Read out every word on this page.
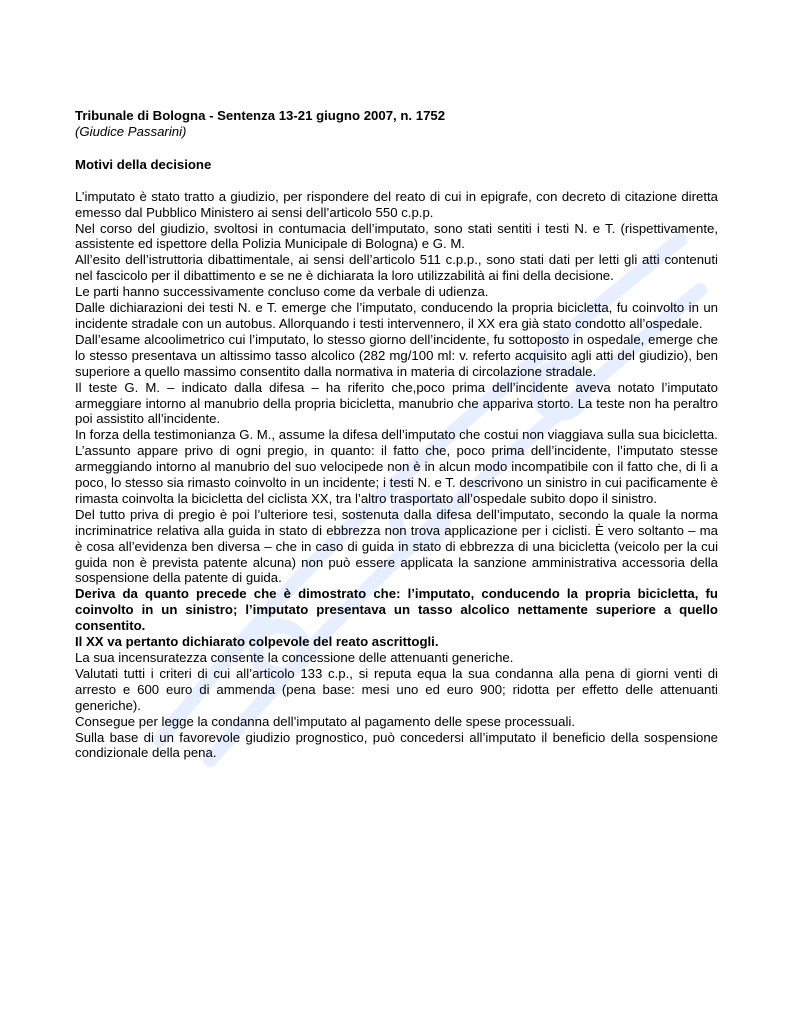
Tribunale di Bologna - Sentenza 13-21 giugno 2007, n. 1752

(Giudice Passarini)

Motivi della decisione

L’imputato è stato tratto a giudizio, per rispondere del reato di cui in epigrafe, con decreto di citazione diretta emesso dal Pubblico Ministero ai sensi dell’articolo 550 c.p.p.

Nel corso del giudizio, svoltosi in contumacia dell’imputato, sono stati sentiti i testi N. e T. (rispettivamente, assistente ed ispettore della Polizia Municipale di Bologna) e G. M.

All’esito dell’istruttoria dibattimentale, ai sensi dell’articolo 511 c.p.p., sono stati dati per letti gli atti contenuti nel fascicolo per il dibattimento e se ne è dichiarata la loro utilizzabilità ai fini della decisione.

Le parti hanno successivamente concluso come da verbale di udienza.

Dalle dichiarazioni dei testi N. e T. emerge che l’imputato, conducendo la propria bicicletta, fu coinvolto in un incidente stradale con un autobus. Allorquando i testi intervennero, il XX era già stato condotto all’ospedale.

Dall’esame alcoolimetrico cui l’imputato, lo stesso giorno dell’incidente, fu sottoposto in ospedale, emerge che lo stesso presentava un altissimo tasso alcolico (282 mg/100 ml: v. referto acquisito agli atti del giudizio), ben superiore a quello massimo consentito dalla normativa in materia di circolazione stradale.

Il teste G. M. – indicato dalla difesa – ha riferito che,poco prima dell’incidente aveva notato l’imputato armeggiare intorno al manubrio della propria bicicletta, manubrio che appariva storto. La teste non ha peraltro poi assistito all’incidente.

In forza della testimonianza G. M., assume la difesa dell’imputato che costui non viaggiava sulla sua bicicletta.

L’assunto appare privo di ogni pregio, in quanto: il fatto che, poco prima dell’incidente, l’imputato stesse armeggiando intorno al manubrio del suo velocipede non è in alcun modo incompatibile con il fatto che, di lì a poco, lo stesso sia rimasto coinvolto in un incidente; i testi N. e T. descrivono un sinistro in cui pacificamente è rimasta coinvolta la bicicletta del ciclista XX, tra l’altro trasportato all’ospedale subito dopo il sinistro.

Del tutto priva di pregio è poi l’ulteriore tesi, sostenuta dalla difesa dell’imputato, secondo la quale la norma incriminatrice relativa alla guida in stato di ebbrezza non trova applicazione per i ciclisti. È vero soltanto – ma è cosa all’evidenza ben diversa – che in caso di guida in stato di ebbrezza di una bicicletta (veicolo per la cui guida non è prevista patente alcuna) non può essere applicata la sanzione amministrativa accessoria della sospensione della patente di guida.

Deriva da quanto precede che è dimostrato che: l’imputato, conducendo la propria bicicletta, fu coinvolto in un sinistro; l’imputato presentava un tasso alcolico nettamente superiore a quello consentito.

Il XX va pertanto dichiarato colpevole del reato ascrittogli.

La sua incensuratezza consente la concessione delle attenuanti generiche.

Valutati tutti i criteri di cui all’articolo 133 c.p., si reputa equa la sua condanna alla pena di giorni venti di arresto e 600 euro di ammenda (pena base: mesi uno ed euro 900; ridotta per effetto delle attenuanti generiche).

Consegue per legge la condanna dell’imputato al pagamento delle spese processuali.

Sulla base di un favorevole giudizio prognostico, può concedersi all’imputato il beneficio della sospensione condizionale della pena.
